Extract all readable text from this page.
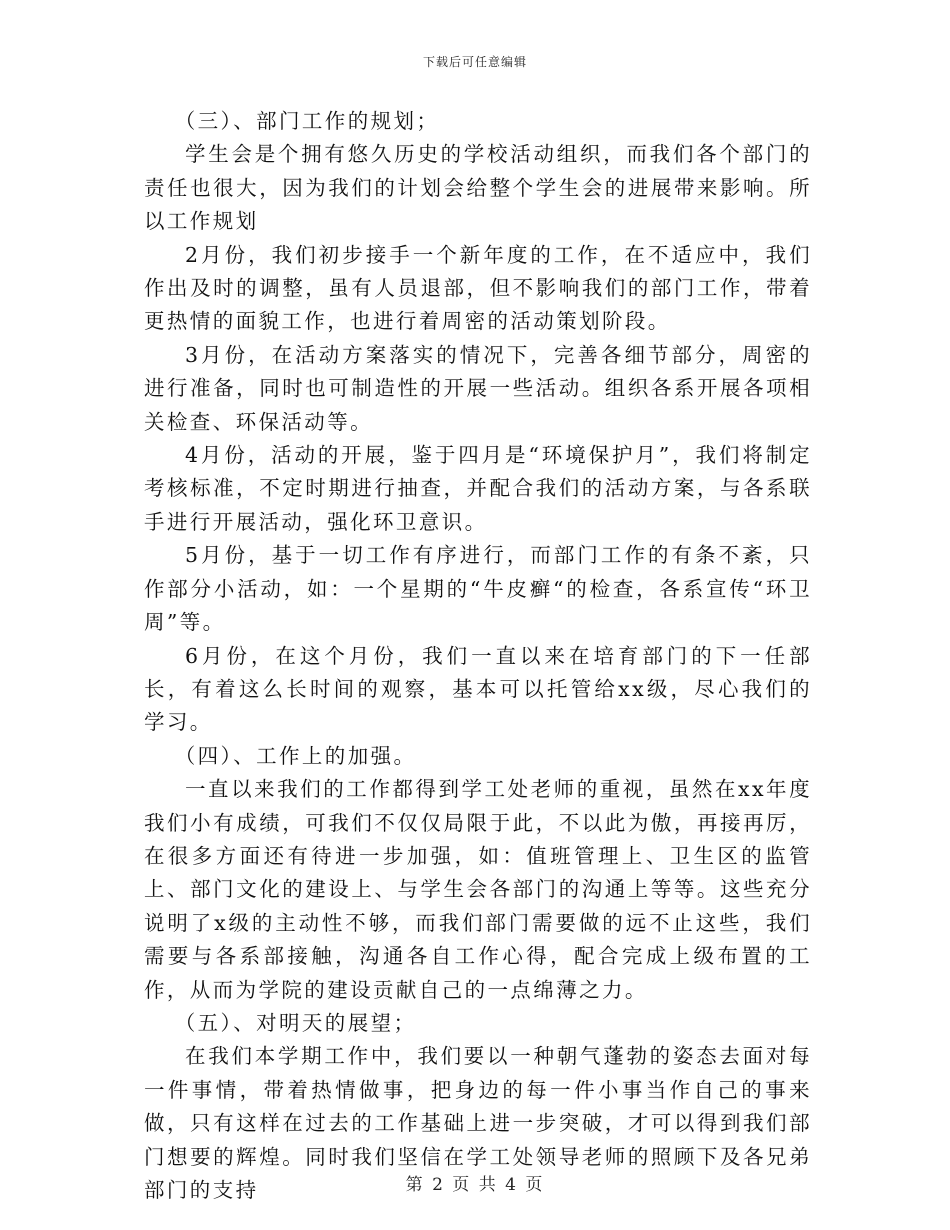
下载后可任意编辑

（三）、部门工作的规划；

学生会是个拥有悠久历史的学校活动组织，而我们各个部门的责任也很大，因为我们的计划会给整个学生会的进展带来影响。所以工作规划

2月份，我们初步接手一个新年度的工作，在不适应中，我们作出及时的调整，虽有人员退部，但不影响我们的部门工作，带着更热情的面貌工作，也进行着周密的活动策划阶段。

3月份，在活动方案落实的情况下，完善各细节部分，周密的进行准备，同时也可制造性的开展一些活动。组织各系开展各项相关检查、环保活动等。

4月份，活动的开展，鉴于四月是“环境保护月”，我们将制定考核标准，不定时期进行抽查，并配合我们的活动方案，与各系联手进行开展活动，强化环卫意识。

5月份，基于一切工作有序进行，而部门工作的有条不紊，只作部分小活动，如：一个星期的“牛皮癣“的检查，各系宣传“环卫周”等。

6月份，在这个月份，我们一直以来在培育部门的下一任部长，有着这么长时间的观察，基本可以托管给xx级，尽心我们的学习。

（四）、工作上的加强。

一直以来我们的工作都得到学工处老师的重视，虽然在xx年度我们小有成绩，可我们不仅仅局限于此，不以此为傲，再接再厉，在很多方面还有待进一步加强，如：值班管理上、卫生区的监管上、部门文化的建设上、与学生会各部门的沟通上等等。这些充分说明了x级的主动性不够，而我们部门需要做的远不止这些，我们需要与各系部接触，沟通各自工作心得，配合完成上级布置的工作，从而为学院的建设贡献自己的一点绵薄之力。

（五）、对明天的展望；

在我们本学期工作中，我们要以一种朝气蓬勃的姿态去面对每一件事情，带着热情做事，把身边的每一件小事当作自己的事来做，只有这样在过去的工作基础上进一步突破，才可以得到我们部门想要的辉煌。同时我们坚信在学工处领导老师的照顾下及各兄弟部门的支持	第 2 页 共 4 页
